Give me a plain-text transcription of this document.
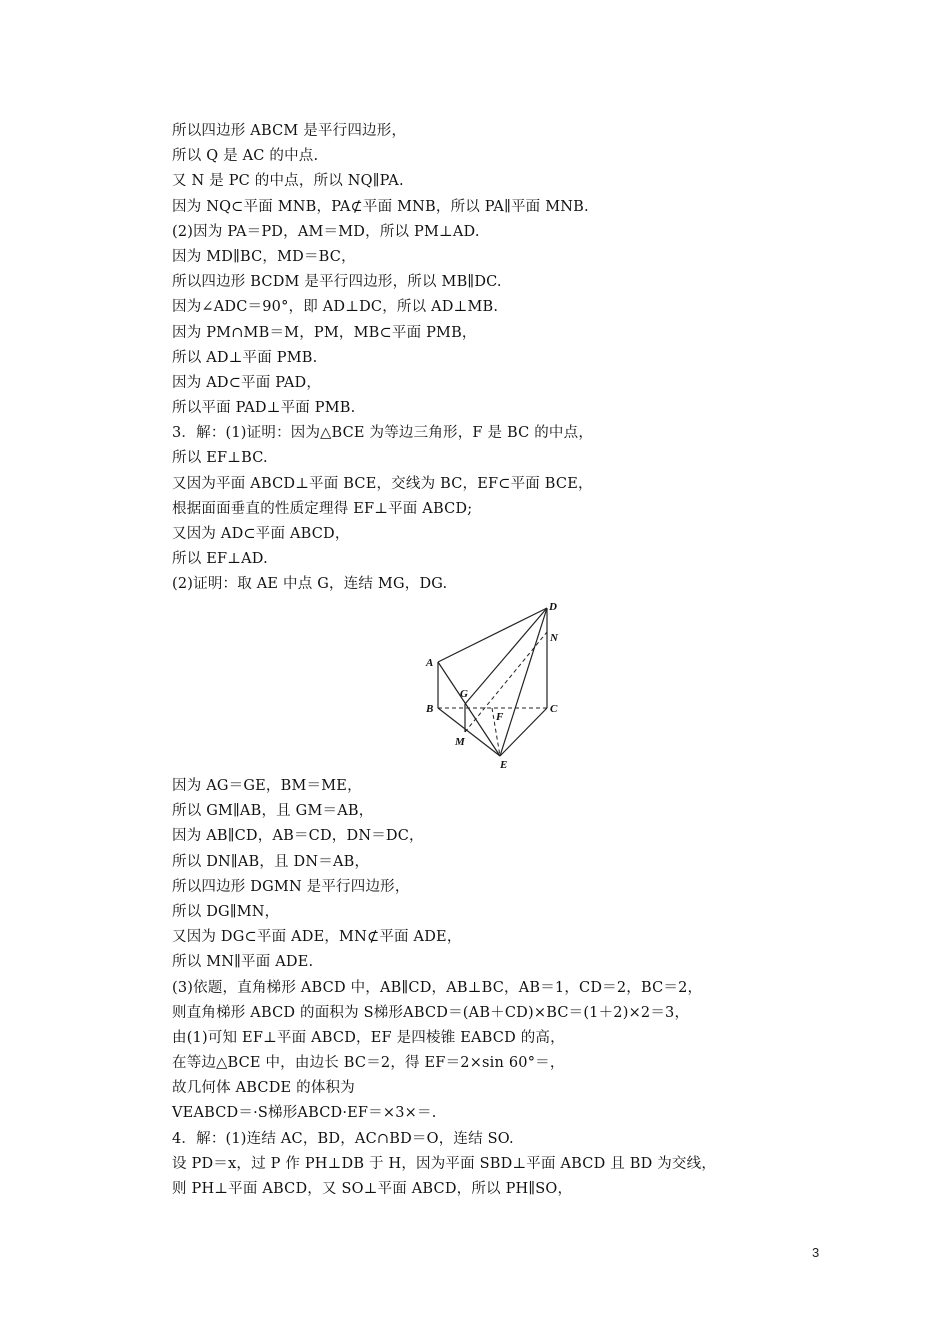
所以四边形 ABCM 是平行四边形，
所以 Q 是 AC 的中点.
又 N 是 PC 的中点，所以 NQ∥PA.
因为 NQ⊂平面 MNB，PA⊄平面 MNB，所以 PA∥平面 MNB.
(2)因为 PA＝PD，AM＝MD，所以 PM⊥AD.
因为 MD∥BC，MD＝BC，
所以四边形 BCDM 是平行四边形，所以 MB∥DC.
因为∠ADC＝90°，即 AD⊥DC，所以 AD⊥MB.
因为 PM∩MB＝M，PM，MB⊂平面 PMB，
所以 AD⊥平面 PMB.
因为 AD⊂平面 PAD，
所以平面 PAD⊥平面 PMB.
3．解：(1)证明：因为△BCE 为等边三角形，F 是 BC 的中点，
所以 EF⊥BC.
又因为平面 ABCD⊥平面 BCE，交线为 BC，EF⊂平面 BCE，
根据面面垂直的性质定理得 EF⊥平面 ABCD;
又因为 AD⊂平面 ABCD，
所以 EF⊥AD.
(2)证明：取 AE 中点 G，连结 MG，DG.
D
N
A
G
B	C
F
M
E
因为 AG＝GE，BM＝ME，
所以 GM∥AB，且 GM＝AB，
因为 AB∥CD，AB＝CD，DN＝DC，
所以 DN∥AB，且 DN＝AB，
所以四边形 DGMN 是平行四边形，
所以 DG∥MN，
又因为 DG⊂平面 ADE，MN⊄平面 ADE，
所以 MN∥平面 ADE.
(3)依题，直角梯形 ABCD 中，AB∥CD，AB⊥BC，AB＝1，CD＝2，BC＝2，
则直角梯形 ABCD 的面积为 S梯形ABCD＝(AB＋CD)×BC＝(1＋2)×2＝3，
由(1)可知 EF⊥平面 ABCD，EF 是四棱锥 EABCD 的高，
在等边△BCE 中，由边长 BC＝2，得 EF＝2×sin 60°＝，
故几何体 ABCDE 的体积为
VEABCD＝·S梯形ABCD·EF＝×3×＝.
4．解：(1)连结 AC，BD，AC∩BD＝O，连结 SO.
设 PD＝x，过 P 作 PH⊥DB 于 H，因为平面 SBD⊥平面 ABCD 且 BD 为交线，
则 PH⊥平面 ABCD，又 SO⊥平面 ABCD，所以 PH∥SO，
3
